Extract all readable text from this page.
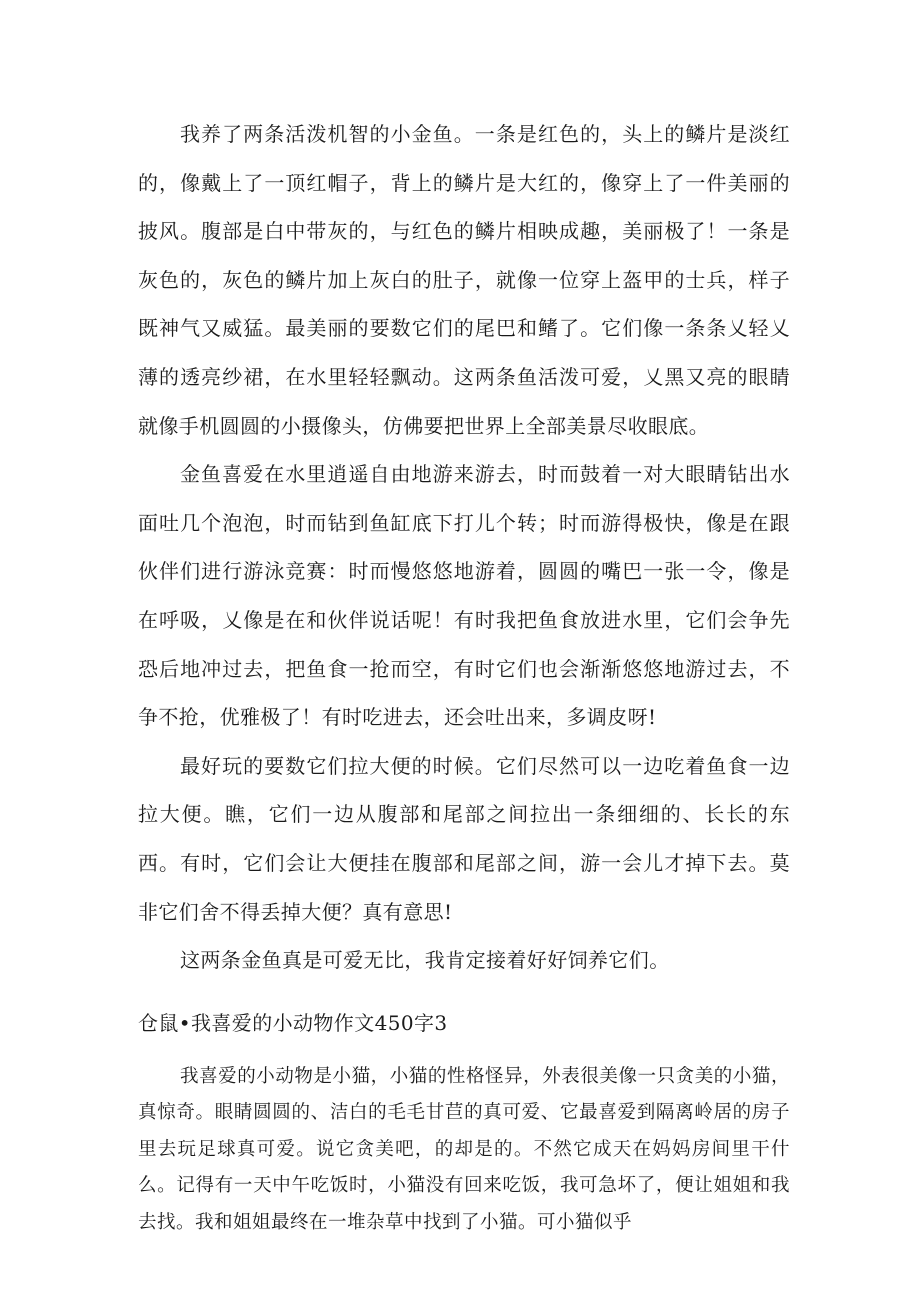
我养了两条活泼机智的小金鱼。一条是红色的，头上的鳞片是淡红的，像戴上了一顶红帽子，背上的鳞片是大红的，像穿上了一件美丽的披风。腹部是白中带灰的，与红色的鳞片相映成趣，美丽极了！一条是灰色的，灰色的鳞片加上灰白的肚子，就像一位穿上盔甲的士兵，样子既神气又威猛。最美丽的要数它们的尾巴和鳍了。它们像一条条乂轻乂薄的透亮纱裙，在水里轻轻飘动。这两条鱼活泼可爱，乂黑又亮的眼睛就像手机圆圆的小摄像头，仿佛要把世界上全部美景尽收眼底。

金鱼喜爱在水里逍遥自由地游来游去，时而鼓着一对大眼睛钻出水面吐几个泡泡，时而钻到鱼缸底下打儿个转；时而游得极快，像是在跟伙伴们进行游泳竞赛：时而慢悠悠地游着，圆圆的嘴巴一张一令，像是在呼吸，乂像是在和伙伴说话呢！有时我把鱼食放进水里，它们会争先恐后地冲过去，把鱼食一抢而空，有时它们也会渐渐悠悠地游过去，不争不抢，优雅极了！有时吃进去，还会吐出来，多调皮呀!

最好玩的要数它们拉大便的时候。它们尽然可以一边吃着鱼食一边拉大便。瞧，它们一边从腹部和尾部之间拉出一条细细的、长长的东西。有时，它们会让大便挂在腹部和尾部之间，游一会儿才掉下去。莫非它们舍不得丢掉大便？真有意思!

这两条金鱼真是可爱无比，我肯定接着好好饲养它们。

仓鼠•我喜爱的小动物作文450字3

我喜爱的小动物是小猫，小猫的性格怪异，外表很美像一只贪美的小猫，真惊奇。眼睛圆圆的、洁白的毛毛甘苣的真可爱、它最喜爱到隔离岭居的房子里去玩足球真可爱。说它贪美吧，的却是的。不然它成天在妈妈房间里干什么。记得有一天中午吃饭时，小猫没有回来吃饭，我可急坏了，便让姐姐和我去找。我和姐姐最终在一堆杂草中找到了小猫。可小猫似乎
